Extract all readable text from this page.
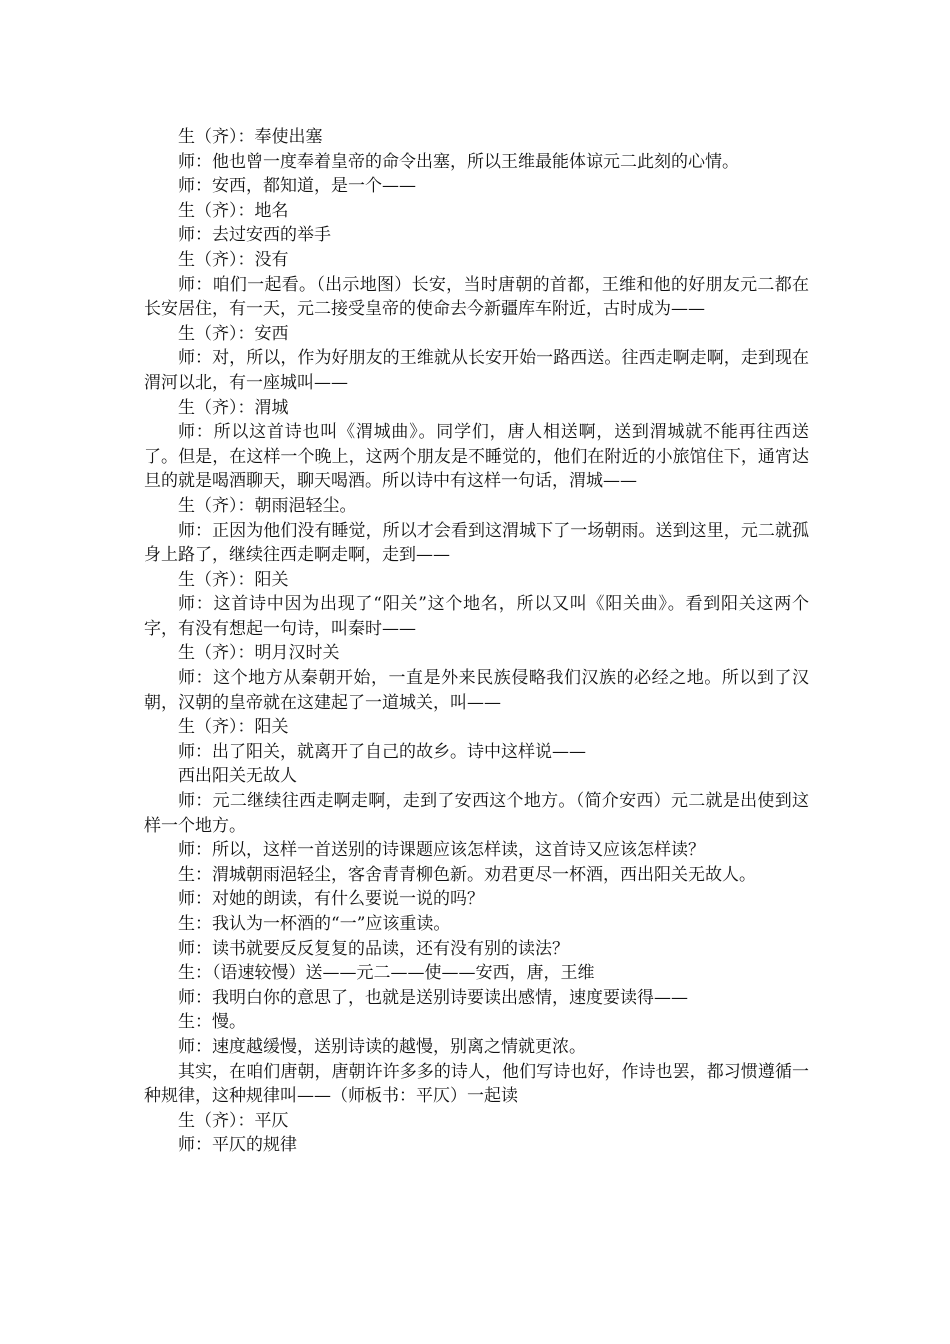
生（齐）：奉使出塞

师：他也曾一度奉着皇帝的命令出塞，所以王维最能体谅元二此刻的心情。

师：安西，都知道，是一个——

生（齐）：地名

师：去过安西的举手

生（齐）：没有

师：咱们一起看。（出示地图）长安，当时唐朝的首都，王维和他的好朋友元二都在长安居住，有一天，元二接受皇帝的使命去今新疆库车附近，古时成为——

生（齐）：安西

师：对，所以，作为好朋友的王维就从长安开始一路西送。往西走啊走啊，走到现在渭河以北，有一座城叫——

生（齐）：渭城

师：所以这首诗也叫《渭城曲》。同学们，唐人相送啊，送到渭城就不能再往西送了。但是，在这样一个晚上，这两个朋友是不睡觉的，他们在附近的小旅馆住下，通宵达旦的就是喝酒聊天，聊天喝酒。所以诗中有这样一句话，渭城——

生（齐）：朝雨浥轻尘。

师：正因为他们没有睡觉，所以才会看到这渭城下了一场朝雨。送到这里，元二就孤身上路了，继续往西走啊走啊，走到——

生（齐）：阳关

师：这首诗中因为出现了“阳关”这个地名，所以又叫《阳关曲》。看到阳关这两个字，有没有想起一句诗，叫秦时——

生（齐）：明月汉时关

师：这个地方从秦朝开始，一直是外来民族侵略我们汉族的必经之地。所以到了汉朝，汉朝的皇帝就在这建起了一道城关，叫——

生（齐）：阳关

师：出了阳关，就离开了自己的故乡。诗中这样说——

西出阳关无故人

师：元二继续往西走啊走啊，走到了安西这个地方。（简介安西）元二就是出使到这样一个地方。

师：所以，这样一首送别的诗课题应该怎样读，这首诗又应该怎样读？

生：渭城朝雨浥轻尘，客舍青青柳色新。劝君更尽一杯酒，西出阳关无故人。

师：对她的朗读，有什么要说一说的吗？

生：我认为一杯酒的“一”应该重读。

师：读书就要反反复复的品读，还有没有别的读法？

生：（语速较慢）送——元二——使——安西，唐，王维

师：我明白你的意思了，也就是送别诗要读出感情，速度要读得——

生：慢。

师：速度越缓慢，送别诗读的越慢，别离之情就更浓。

其实，在咱们唐朝，唐朝许许多多的诗人，他们写诗也好，作诗也罢，都习惯遵循一种规律，这种规律叫——（师板书：平仄）一起读

生（齐）：平仄

师：平仄的规律
